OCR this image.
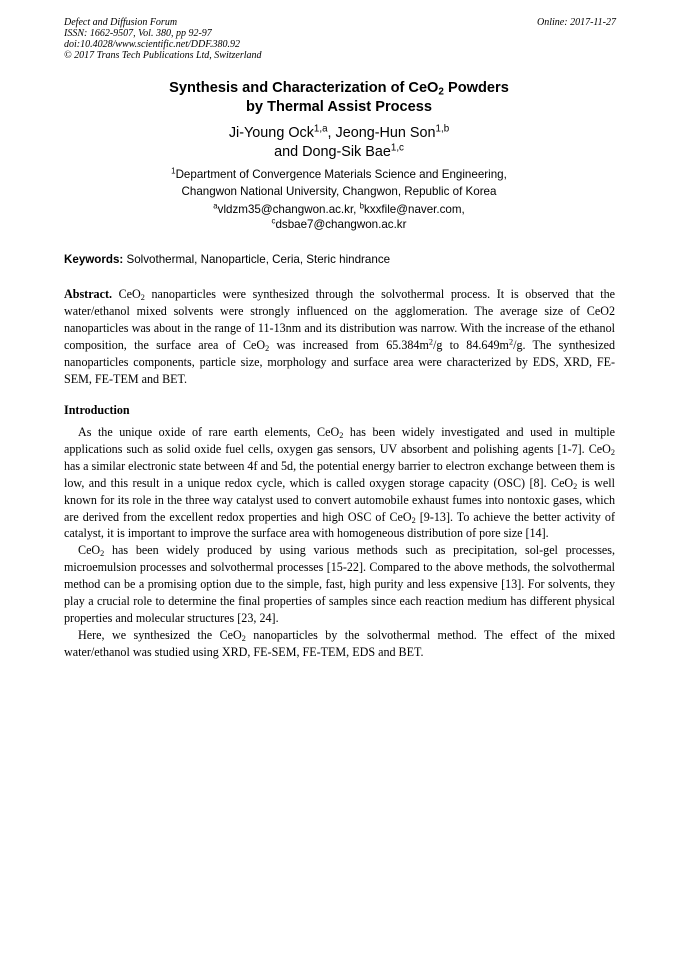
Defect and Diffusion Forum
ISSN: 1662-9507, Vol. 380, pp 92-97
doi:10.4028/www.scientific.net/DDF.380.92
© 2017 Trans Tech Publications Ltd, Switzerland
Online: 2017-11-27
Synthesis and Characterization of CeO$_2$ Powders
by Thermal Assist Process
Ji-Young Ock$^{1,a}$, Jeong-Hun Son$^{1,b}$
and Dong-Sik Bae$^{1,c}$
$^1$Department of Convergence Materials Science and Engineering,
Changwon National University, Changwon, Republic of Korea
$^a$vldzm35@changwon.ac.kr, $^b$kxxfile@naver.com,
$^c$dsbae7@changwon.ac.kr
Keywords: Solvothermal, Nanoparticle, Ceria, Steric hindrance
Abstract. CeO$_2$ nanoparticles were synthesized through the solvothermal process. It is observed that the water/ethanol mixed solvents were strongly influenced on the agglomeration. The average size of CeO2 nanoparticles was about in the range of 11-13nm and its distribution was narrow. With the increase of the ethanol composition, the surface area of CeO$_2$ was increased from $65.384m^2/g$ to $84.649m^2/g$. The synthesized nanoparticles components, particle size, morphology and surface area were characterized by EDS, XRD, FE-SEM, FE-TEM and BET.
Introduction

As the unique oxide of rare earth elements, CeO$_2$ has been widely investigated and used in multiple applications such as solid oxide fuel cells, oxygen gas sensors, UV absorbent and polishing agents [1-7]. CeO$_2$ has a similar electronic state between 4f and 5d, the potential energy barrier to electron exchange between them is low, and this result in a unique redox cycle, which is called oxygen storage capacity (OSC) [8]. CeO$_2$ is well known for its role in the three way catalyst used to convert automobile exhaust fumes into nontoxic gases, which are derived from the excellent redox properties and high OSC of CeO$_2$ [9-13]. To achieve the better activity of catalyst, it is important to improve the surface area with homogeneous distribution of pore size [14].

CeO$_2$ has been widely produced by using various methods such as precipitation, sol-gel processes, microemulsion processes and solvothermal processes [15-22]. Compared to the above methods, the solvothermal method can be a promising option due to the simple, fast, high purity and less expensive [13]. For solvents, they play a crucial role to determine the final properties of samples since each reaction medium has different physical properties and molecular structures [23, 24].

Here, we synthesized the CeO$_2$ nanoparticles by the solvothermal method. The effect of the mixed water/ethanol was studied using XRD, FE-SEM, FE-TEM, EDS and BET.
